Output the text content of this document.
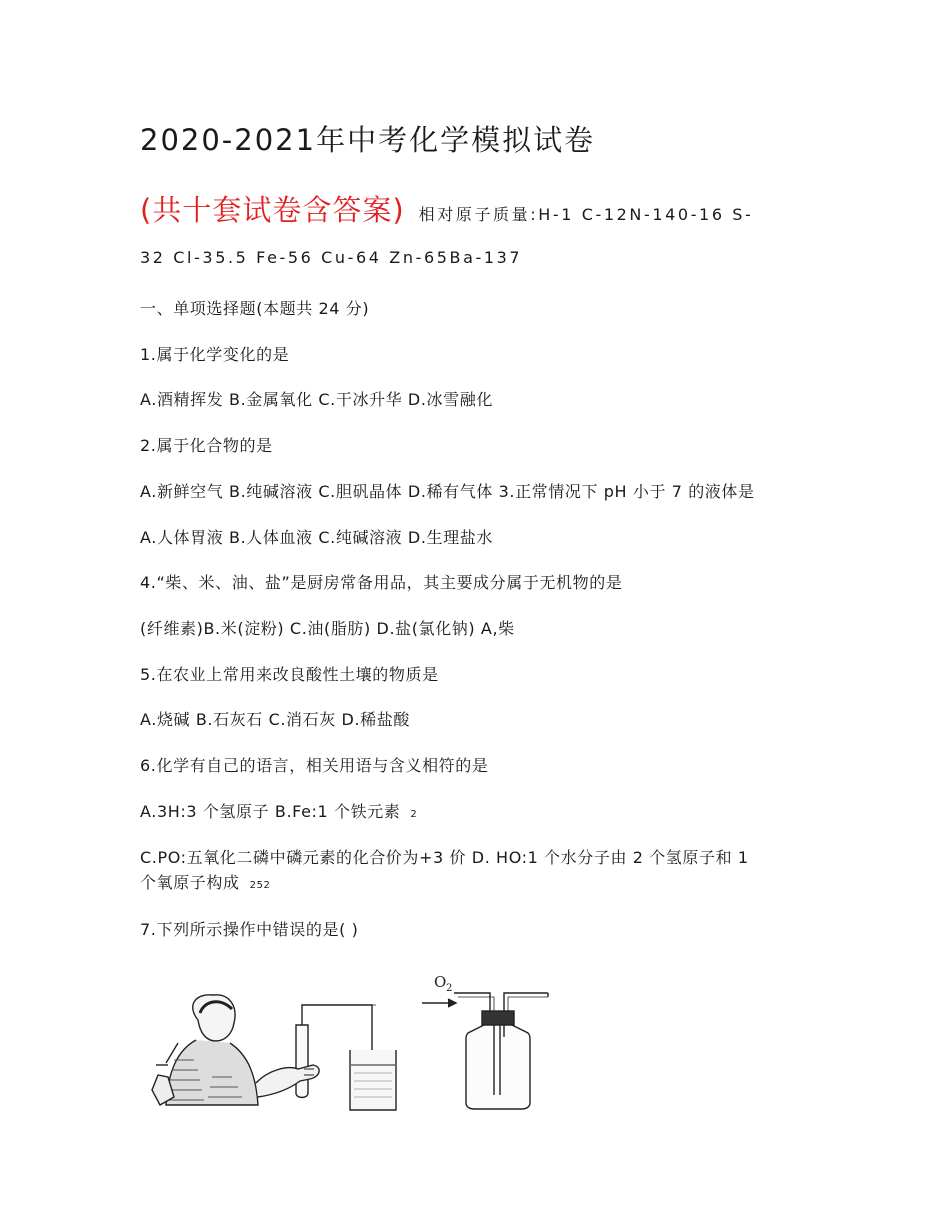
2020-2021年中考化学模拟试卷
(共十套试卷含答案) 相对原子质量:H-1 C-12N-140-16 S-
32 Cl-35.5 Fe-56 Cu-64 Zn-65Ba-137
一、单项选择题(本题共 24 分)
1.属于化学变化的是
A.酒精挥发 B.金属氧化 C.干冰升华 D.冰雪融化
2.属于化合物的是
A.新鲜空气 B.纯碱溶液 C.胆矾晶体 D.稀有气体 3.正常情况下 pH 小于 7 的液体是
A.人体胃液 B.人体血液 C.纯碱溶液 D.生理盐水
4.“柴、米、油、盐”是厨房常备用品，其主要成分属于无机物的是
(纤维素)B.米(淀粉) C.油(脂肪) D.盐(氯化钠) A,柴
5.在农业上常用来改良酸性土壤的物质是
A.烧碱 B.石灰石 C.消石灰 D.稀盐酸
6.化学有自己的语言，相关用语与含义相符的是
A.3H:3 个氢原子 B.Fe:1 个铁元素 2
C.PO:五氧化二磷中磷元素的化合价为+3 价 D. HO:1 个水分子由 2 个氢原子和 1
个氧原子构成 252
7.下列所示操作中错误的是( )
O 2
